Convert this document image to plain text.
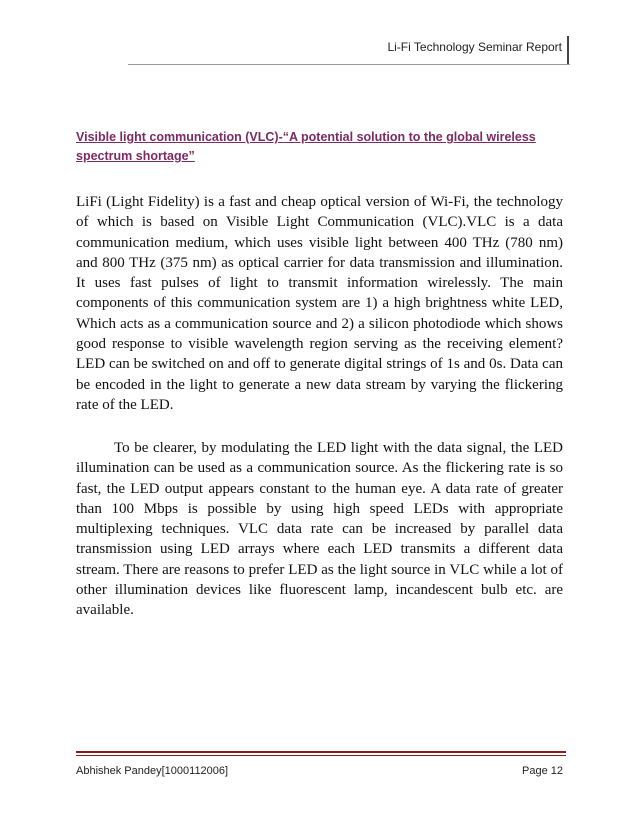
Li-Fi Technology Seminar Report
Visible light communication (VLC)-“A potential solution to the global wireless spectrum shortage”

LiFi (Light Fidelity) is a fast and cheap optical version of Wi-Fi, the technology of which is based on Visible Light Communication (VLC).VLC is a data communication medium, which uses visible light between 400 THz (780 nm) and 800 THz (375 nm) as optical carrier for data transmission and illumination. It uses fast pulses of light to transmit information wirelessly. The main components of this communication system are 1) a high brightness white LED, Which acts as a communication source and 2) a silicon photodiode which shows good response to visible wavelength region serving as the receiving element? LED can be switched on and off to generate digital strings of 1s and 0s. Data can be encoded in the light to generate a new data stream by varying the flickering rate of the LED.

To be clearer, by modulating the LED light with the data signal, the LED illumination can be used as a communication source. As the flickering rate is so fast, the LED output appears constant to the human eye. A data rate of greater than 100 Mbps is possible by using high speed LEDs with appropriate multiplexing techniques. VLC data rate can be increased by parallel data transmission using LED arrays where each LED transmits a different data stream. There are reasons to prefer LED as the light source in VLC while a lot of other illumination devices like fluorescent lamp, incandescent bulb etc. are available.

Abhishek Pandey[1000112006]	Page 12
